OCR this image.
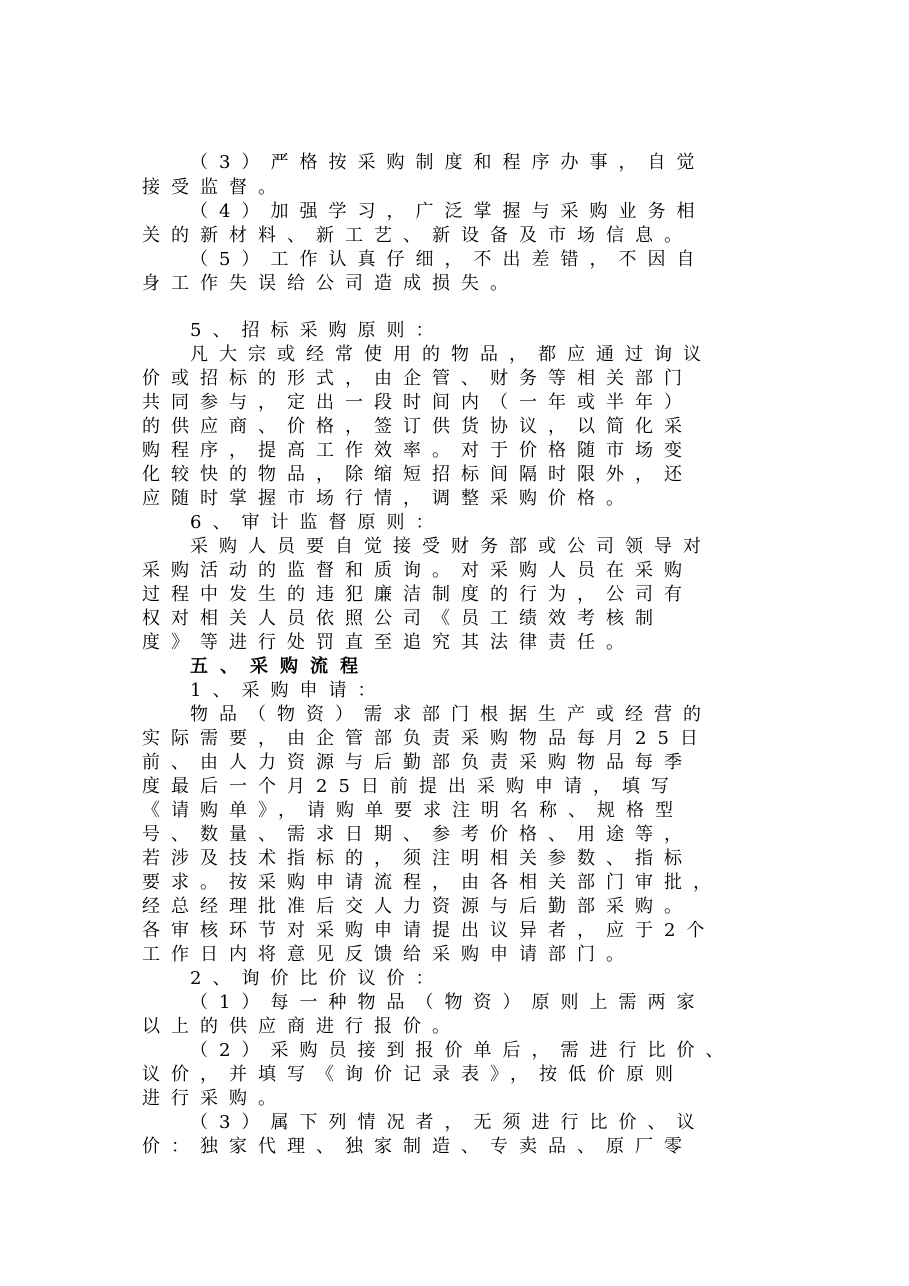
（3）严格按采购制度和程序办事，自觉
接受监督。
（4）加强学习，广泛掌握与采购业务相
关的新材料、新工艺、新设备及市场信息。
（5）工作认真仔细，不出差错，不因自
身工作失误给公司造成损失。
5、招标采购原则：
凡大宗或经常使用的物品，都应通过询议
价或招标的形式，由企管、财务等相关部门
共同参与，定出一段时间内（一年或半年）
的供应商、价格，签订供货协议，以简化采
购程序，提高工作效率。对于价格随市场变
化较快的物品，除缩短招标间隔时限外，还
应随时掌握市场行情，调整采购价格。
6、审计监督原则：
采购人员要自觉接受财务部或公司领导对
采购活动的监督和质询。对采购人员在采购
过程中发生的违犯廉洁制度的行为，公司有
权对相关人员依照公司《员工绩效考核制
度》等进行处罚直至追究其法律责任。
五、采购流程
1、采购申请：
物品（物资）需求部门根据生产或经营的
实际需要，由企管部负责采购物品每月25日
前、由人力资源与后勤部负责采购物品每季
度最后一个月25日前提出采购申请，填写
《请购单》，请购单要求注明名称、规格型
号、数量、需求日期、参考价格、用途等，
若涉及技术指标的，须注明相关参数、指标
要求。按采购申请流程，由各相关部门审批，
经总经理批准后交人力资源与后勤部采购。
各审核环节对采购申请提出议异者，应于2个
工作日内将意见反馈给采购申请部门。
2、询价比价议价：
（1）每一种物品（物资）原则上需两家
以上的供应商进行报价。
（2）采购员接到报价单后，需进行比价、
议价，并填写《询价记录表》，按低价原则
进行采购。
（3）属下列情况者，无须进行比价、议
价：独家代理、独家制造、专卖品、原厂零
